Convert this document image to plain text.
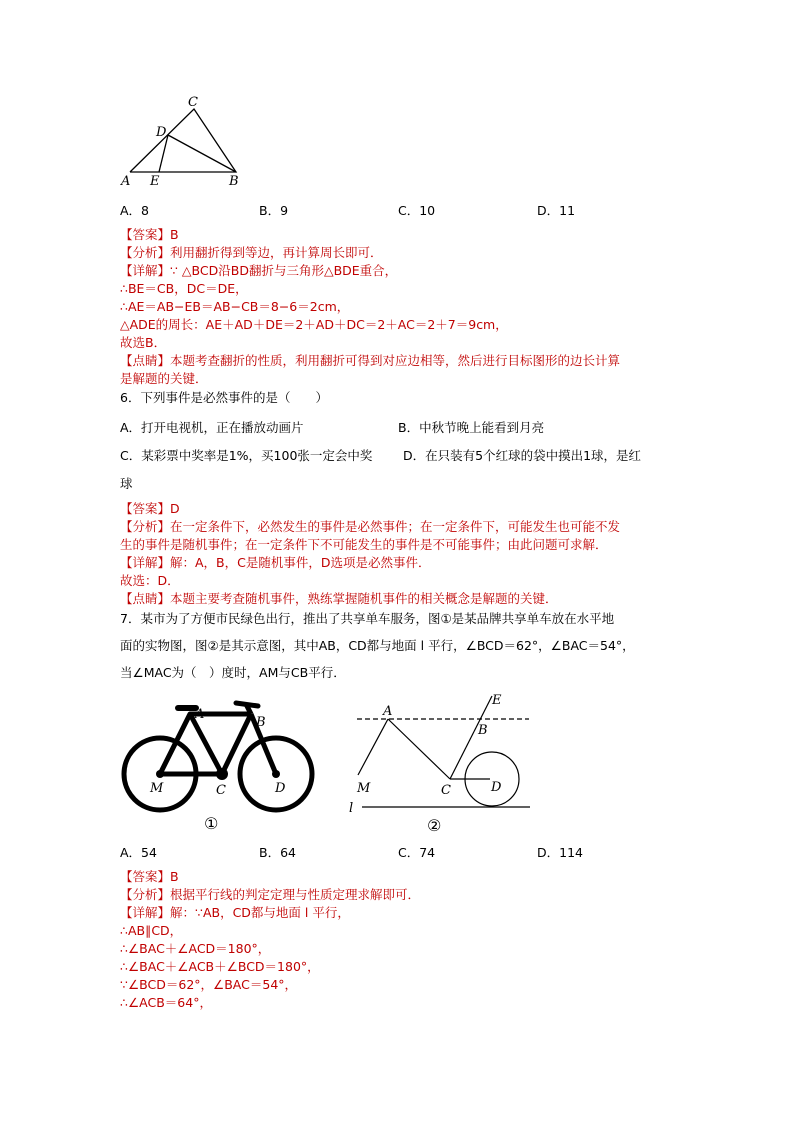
C
D
A E	B
A．8	B．9	C．10	D．11
【答案】B
【分析】利用翻折得到等边，再计算周长即可．
【详解】∵ △BCD沿BD翻折与三角形△BDE重合，
∴BE＝CB，DC＝DE，
∴AE＝AB−EB＝AB−CB＝8−6＝2cm，
△ADE的周长：AE＋AD＋DE＝2＋AD＋DC＝2＋AC＝2＋7＝9cm，
故选B．
【点睛】本题考查翻折的性质，利用翻折可得到对应边相等，然后进行目标图形的边长计算
是解题的关键．
6．下列事件是必然事件的是（　　）
A．打开电视机，正在播放动画片	B．中秋节晚上能看到月亮
C．某彩票中奖率是1%，买100张一定会中奖 D．在只装有5个红球的袋中摸出1球，是红
球
【答案】D
【分析】在一定条件下，必然发生的事件是必然事件；在一定条件下，可能发生也可能不发
生的事件是随机事件；在一定条件下不可能发生的事件是不可能事件；由此问题可求解．
【详解】解：A，B，C是随机事件，D选项是必然事件．
故选：D．
【点睛】本题主要考查随机事件，熟练掌握随机事件的相关概念是解题的关键．
7．某市为了方便市民绿色出行，推出了共享单车服务，图①是某品牌共享单车放在水平地
面的实物图，图②是其示意图，其中AB，CD都与地面 l 平行，∠BCD＝62°，∠BAC＝54°，
当∠MAC为（　）度时，AM与CB平行．
A
B
M	C	D
①
A
E
B
M	C	D
l
②
A．54	B．64	C．74	D．114
【答案】B
【分析】根据平行线的判定定理与性质定理求解即可．
【详解】解：∵AB，CD都与地面 l 平行，
∴AB∥CD，
∴∠BAC＋∠ACD＝180°，
∴∠BAC＋∠ACB＋∠BCD＝180°，
∵∠BCD＝62°，∠BAC＝54°，
∴∠ACB＝64°，
